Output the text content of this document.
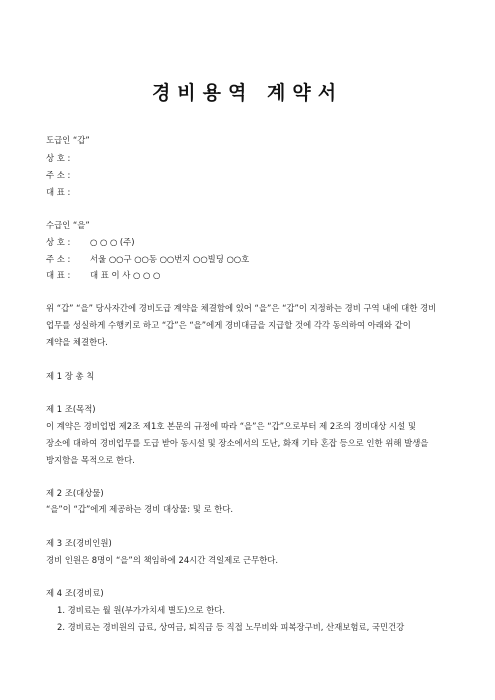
경비용역 계약서
도급인 “갑”
상 호 :
주 소 :
대 표 :
수급인 “을”
상 호 : ○ ○ ○ (주)
주 소 : 서울 ○○구 ○○동 ○○번지 ○○빌딩 ○○호
대 표 : 대 표 이 사 ○ ○ ○
위 “갑” “을” 당사자간에 경비도급 계약을 체결함에 있어 “을”은 “갑”이 지정하는 경비 구역 내에 대한 경비
업무를 성실하게 수행키로 하고 “갑”은 “을”에게 경비대금을 지급할 것에 각각 동의하여 아래와 같이
계약을 체결한다.
제 1 장 총 칙
제 1 조(목적)
이 계약은 경비업법 제2조 제1호 본문의 규정에 따라 “을”은 “갑”으로부터 제 2조의 경비대상 시설 및
장소에 대하여 경비업무를 도급 받아 동시설 및 장소에서의 도난, 화재 기타 혼잡 등으로 인한 위해 발생을
방지함을 목적으로 한다.
제 2 조(대상물)
“을”이 “갑”에게 제공하는 경비 대상물: 및 로 한다.
제 3 조(경비인원)
경비 인원은 8명이 “을”의 책임하에 24시간 격일제로 근무한다.
제 4 조(경비료)
1. 경비료는 월 원(부가가치세 별도)으로 한다.
2. 경비료는 경비원의 급료, 상여금, 퇴직금 등 직접 노무비와 피복장구비, 산재보험료, 국민건강
